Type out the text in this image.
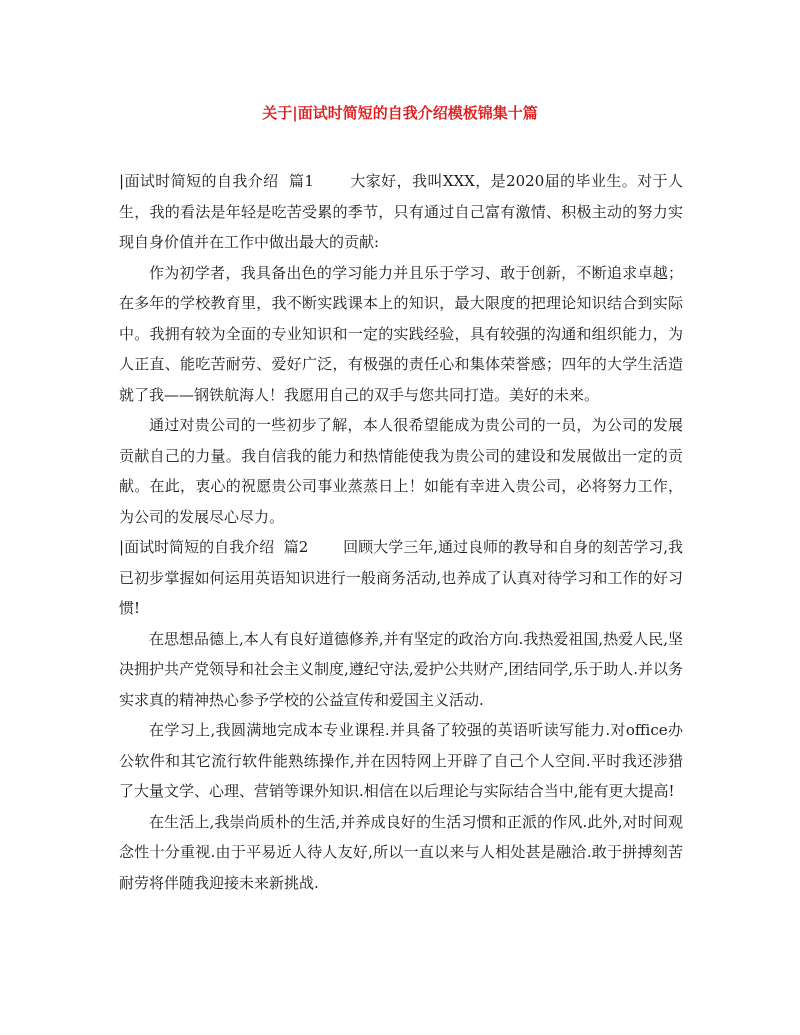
关于|面试时简短的自我介绍模板锦集十篇

|面试时简短的自我介绍  篇1　　 大家好，我叫XXX，是2020届的毕业生。对于人生，我的看法是年轻是吃苦受累的季节，只有通过自己富有激情、积极主动的努力实现自身价值并在工作中做出最大的贡献:

作为初学者，我具备出色的学习能力并且乐于学习、敢于创新，不断追求卓越；在多年的学校教育里，我不断实践课本上的知识，最大限度的把理论知识结合到实际中。我拥有较为全面的专业知识和一定的实践经验，具有较强的沟通和组织能力，为人正直、能吃苦耐劳、爱好广泛，有极强的责任心和集体荣誉感；四年的大学生活造就了我——钢铁航海人！我愿用自己的双手与您共同打造。美好的未来。

通过对贵公司的一些初步了解，本人很希望能成为贵公司的一员，为公司的发展贡献自己的力量。我自信我的能力和热情能使我为贵公司的建设和发展做出一定的贡献。在此，衷心的祝愿贵公司事业蒸蒸日上！如能有幸进入贵公司，必将努力工作，为公司的发展尽心尽力。

|面试时简短的自我介绍  篇2　　 回顾大学三年,通过良师的教导和自身的刻苦学习,我已初步掌握如何运用英语知识进行一般商务活动,也养成了认真对待学习和工作的好习惯!

在思想品德上,本人有良好道德修养,并有坚定的政治方向.我热爱祖国,热爱人民,坚决拥护共产党领导和社会主义制度,遵纪守法,爱护公共财产,团结同学,乐于助人.并以务实求真的精神热心参予学校的公益宣传和爱国主义活动.

在学习上,我圆满地完成本专业课程.并具备了较强的英语听读写能力.对office办公软件和其它流行软件能熟练操作,并在因特网上开辟了自己个人空间.平时我还涉猎了大量文学、心理、营销等课外知识.相信在以后理论与实际结合当中,能有更大提高!

在生活上,我崇尚质朴的生活,并养成良好的生活习惯和正派的作风.此外,对时间观念性十分重视.由于平易近人待人友好,所以一直以来与人相处甚是融洽.敢于拼搏刻苦耐劳将伴随我迎接未来新挑战.
